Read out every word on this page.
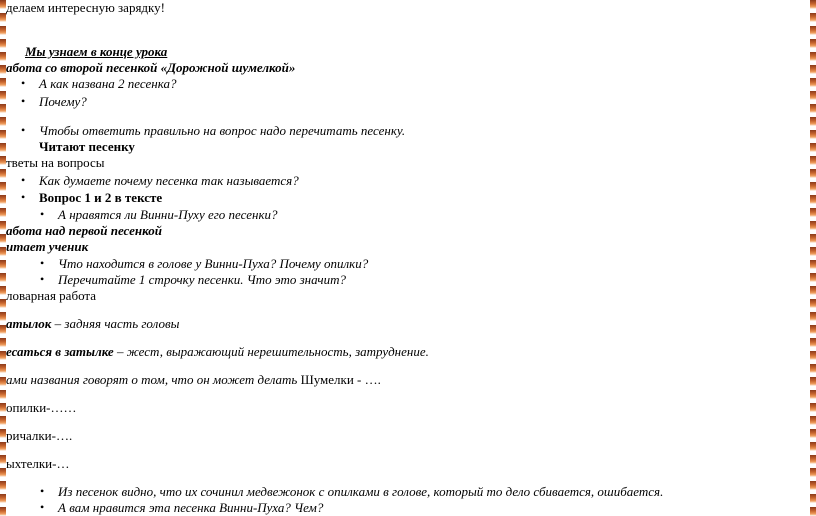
делаем интересную зарядку!
Мы узнаем в конце урока
абота со второй песенкой «Дорожной шумелкой»
• А как названа 2 песенка?
• Почему?
• Чтобы ответить правильно на вопрос надо перечитать песенку.
Читают песенку
тветы на вопросы
• Как думаете почему песенка так называется?
• Вопрос 1 и 2 в тексте
• А нравятся ли Винни-Пуху его песенки?
абота над первой песенкой
итает ученик
• Что находится в голове у Винни-Пуха? Почему опилки?
• Перечитайте 1 строчку песенки. Что это значит?
ловарная работа
атылок – задняя часть головы
есаться в затылке – жест, выражающий нерешительность, затруднение.
ами названия говорят о том, что он может делать Шумелки - ….
опилки-……
ричалки-….
ыхтелки-…
• Из песенок видно, что их сочинил медвежонок с опилками в голове, который то дело сбивается, ошибается.
• А вам нравится эта песенка Винни-Пуха? Чем?
